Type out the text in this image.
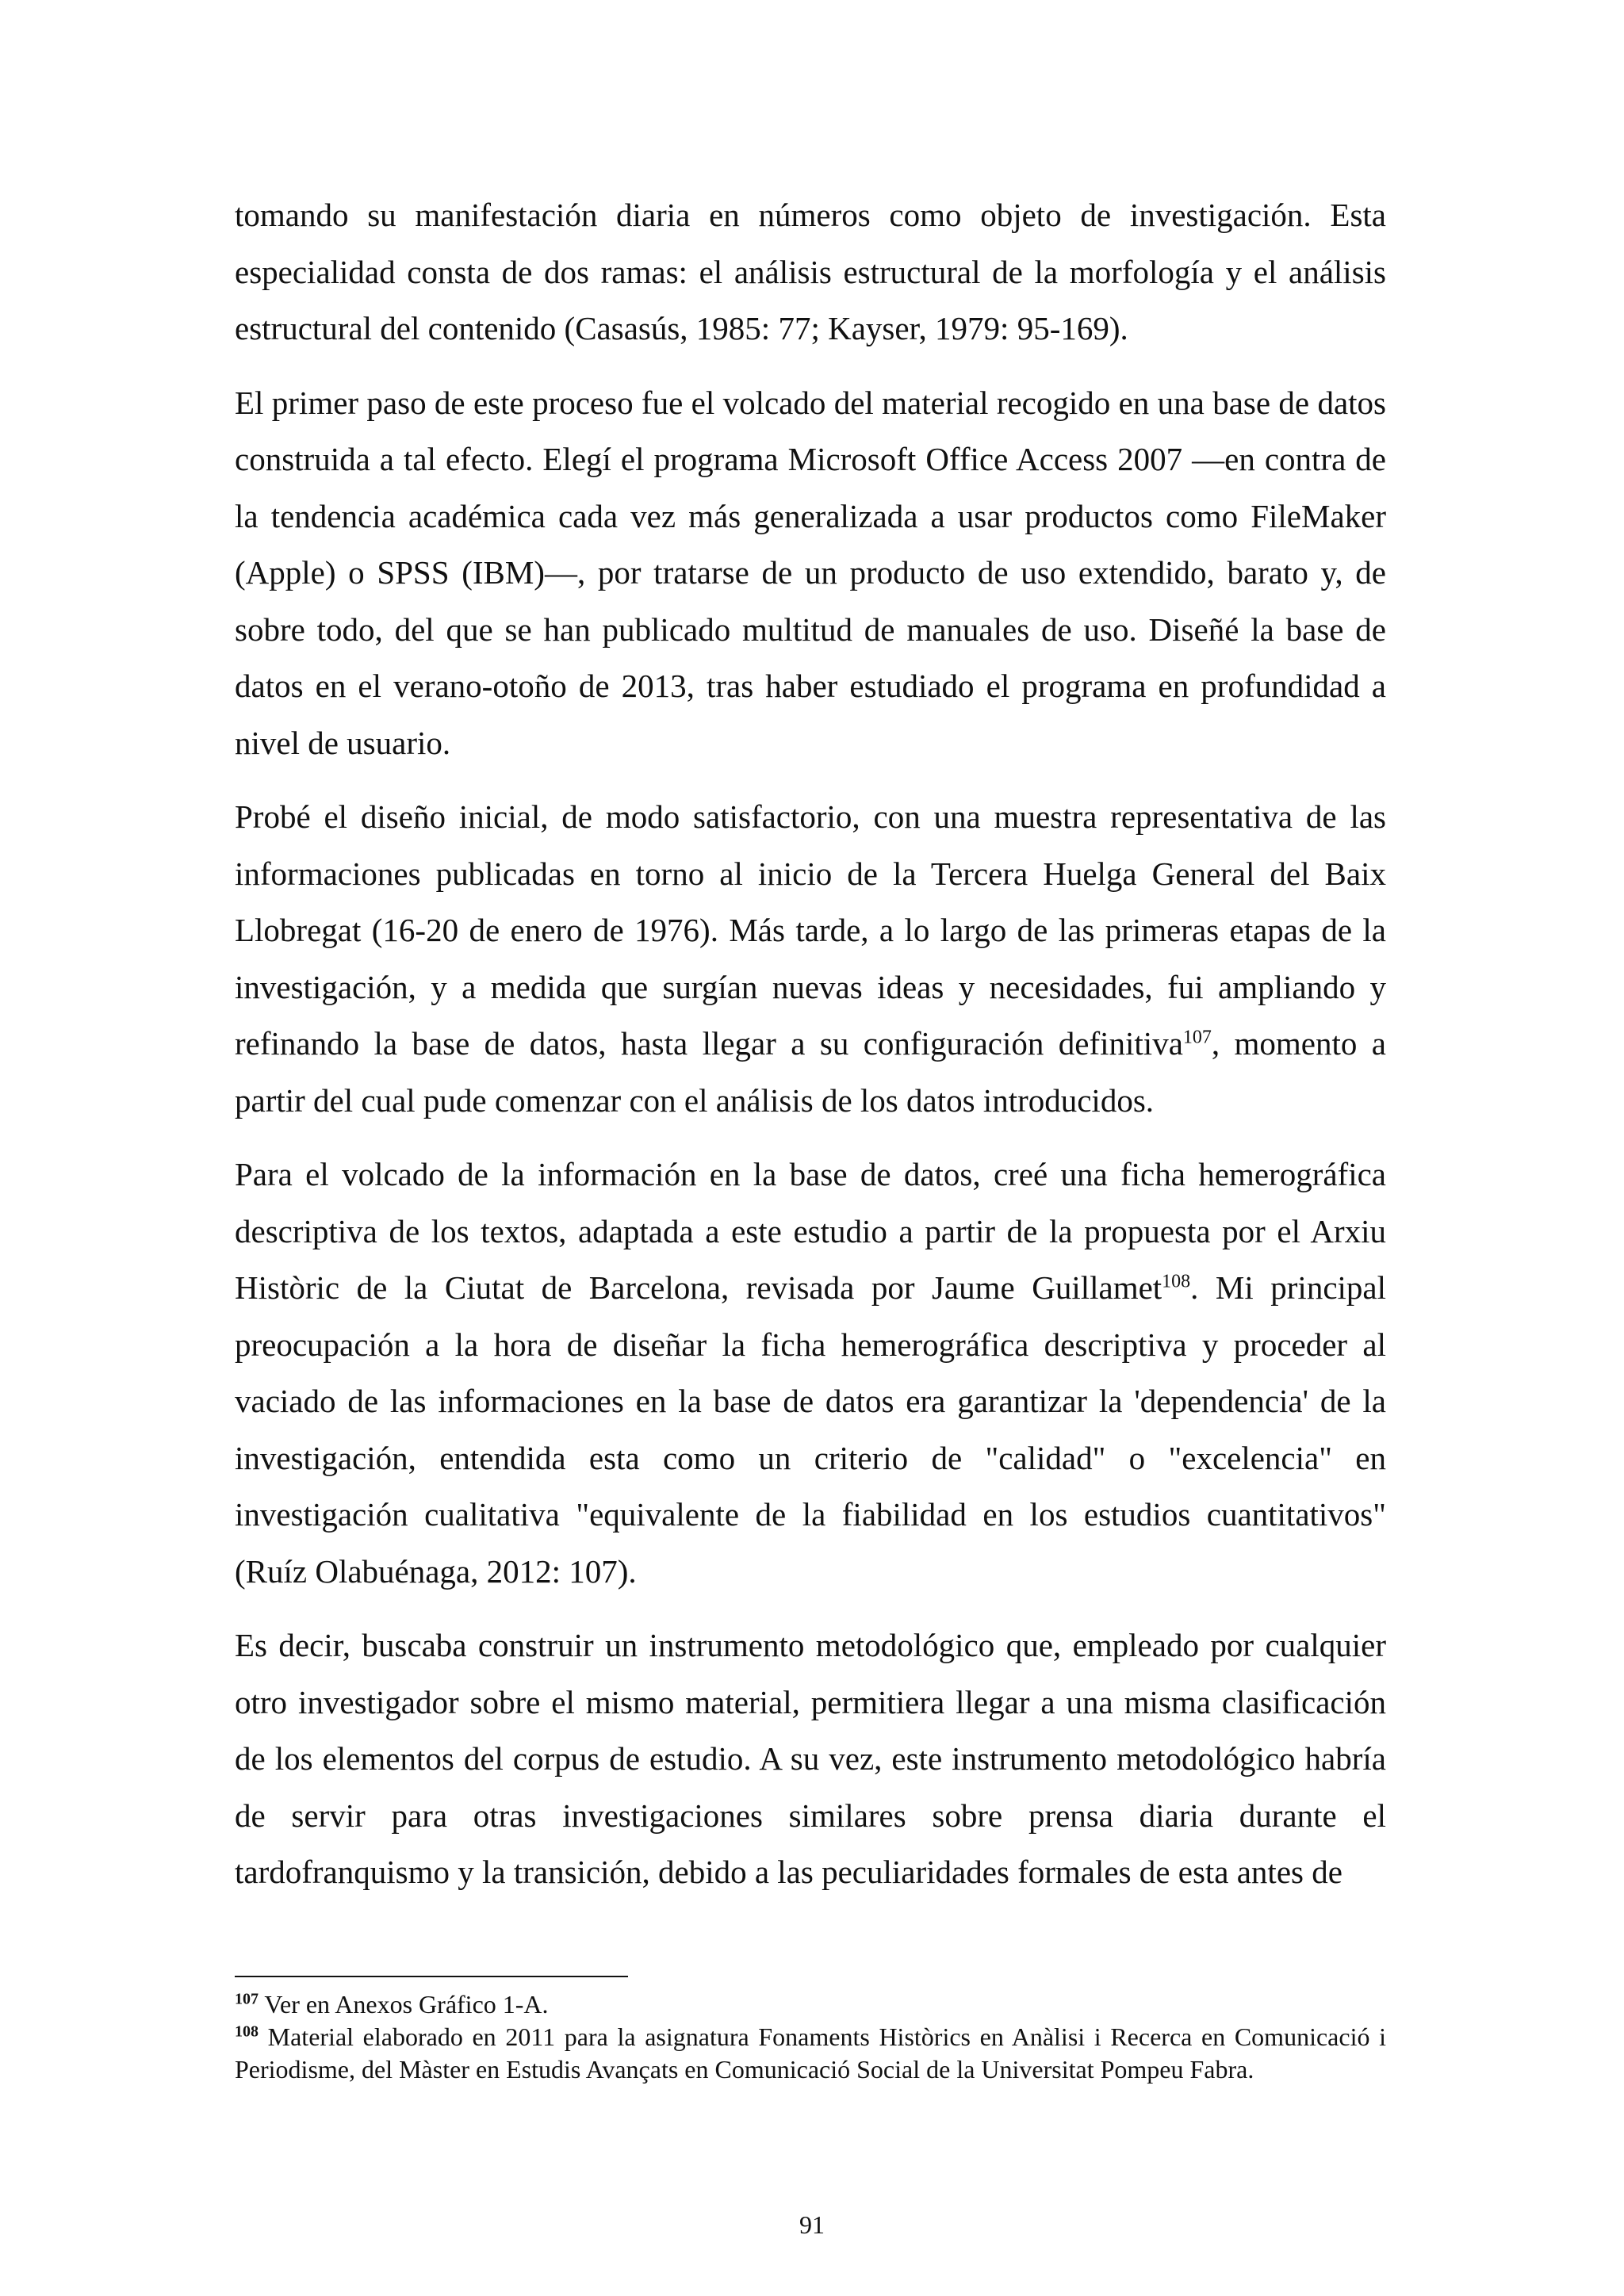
tomando su manifestación diaria en números como objeto de investigación. Esta especialidad consta de dos ramas: el análisis estructural de la morfología y el análisis estructural del contenido (Casasús, 1985: 77; Kayser, 1979: 95-169).

El primer paso de este proceso fue el volcado del material recogido en una base de datos construida a tal efecto. Elegí el programa Microsoft Office Access 2007 —en contra de la tendencia académica cada vez más generalizada a usar productos como FileMaker (Apple) o SPSS (IBM)—, por tratarse de un producto de uso extendido, barato y, de sobre todo, del que se han publicado multitud de manuales de uso. Diseñé la base de datos en el verano-otoño de 2013, tras haber estudiado el programa en profundidad a nivel de usuario.

Probé el diseño inicial, de modo satisfactorio, con una muestra representativa de las informaciones publicadas en torno al inicio de la Tercera Huelga General del Baix Llobregat (16-20 de enero de 1976). Más tarde, a lo largo de las primeras etapas de la investigación, y a medida que surgían nuevas ideas y necesidades, fui ampliando y refinando la base de datos, hasta llegar a su configuración definitiva$^{107}$, momento a partir del cual pude comenzar con el análisis de los datos introducidos.

Para el volcado de la información en la base de datos, creé una ficha hemerográfica descriptiva de los textos, adaptada a este estudio a partir de la propuesta por el Arxiu Històric de la Ciutat de Barcelona, revisada por Jaume Guillamet$^{108}$. Mi principal preocupación a la hora de diseñar la ficha hemerográfica descriptiva y proceder al vaciado de las informaciones en la base de datos era garantizar la 'dependencia' de la investigación, entendida esta como un criterio de "calidad" o "excelencia" en investigación cualitativa "equivalente de la fiabilidad en los estudios cuantitativos" (Ruíz Olabuénaga, 2012: 107).

Es decir, buscaba construir un instrumento metodológico que, empleado por cualquier otro investigador sobre el mismo material, permitiera llegar a una misma clasificación de los elementos del corpus de estudio. A su vez, este instrumento metodológico habría de servir para otras investigaciones similares sobre prensa diaria durante el tardofranquismo y la transición, debido a las peculiaridades formales de esta antes de

$^{107}$ Ver en Anexos Gráfico 1-A.

$^{108}$ Material elaborado en 2011 para la asignatura Fonaments Històrics en Anàlisi i Recerca en Comunicació i Periodisme, del Màster en Estudis Avançats en Comunicació Social de la Universitat Pompeu Fabra.

91
